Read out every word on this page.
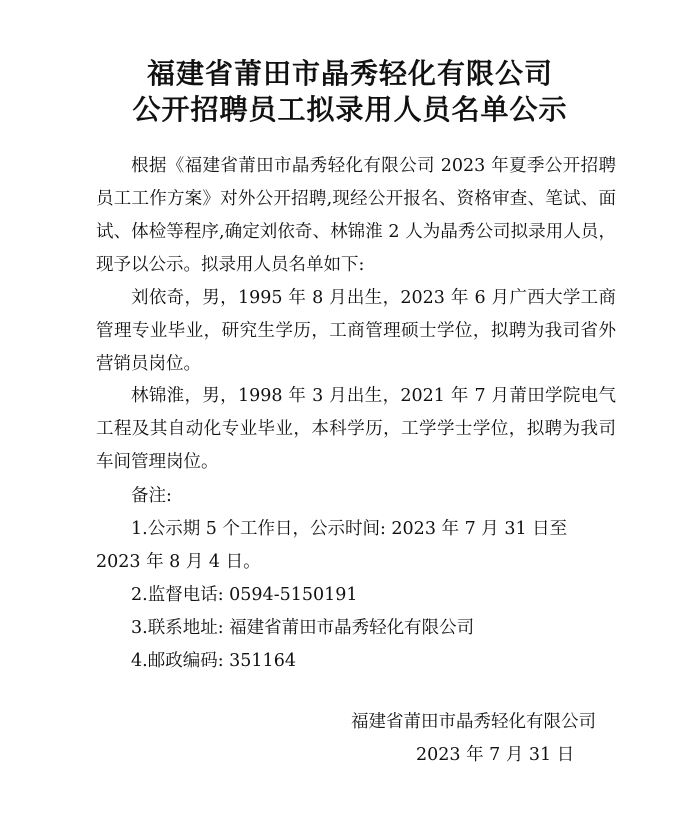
福建省莆田市晶秀轻化有限公司
公开招聘员工拟录用人员名单公示

根据《福建省莆田市晶秀轻化有限公司 2023 年夏季公开招聘员工工作方案》对外公开招聘,现经公开报名、资格审查、笔试、面试、体检等程序,确定刘依奇、林锦淮 2 人为晶秀公司拟录用人员，现予以公示。拟录用人员名单如下:

刘依奇，男，1995 年 8 月出生，2023 年 6 月广西大学工商管理专业毕业，研究生学历，工商管理硕士学位，拟聘为我司省外营销员岗位。

林锦淮，男，1998 年 3 月出生，2021 年 7 月莆田学院电气工程及其自动化专业毕业，本科学历，工学学士学位，拟聘为我司车间管理岗位。

备注:

1.公示期 5 个工作日，公示时间: 2023 年 7 月 31 日至 2023 年 8 月 4 日。

2.监督电话: 0594-5150191

3.联系地址: 福建省莆田市晶秀轻化有限公司

4.邮政编码: 351164

福建省莆田市晶秀轻化有限公司

2023 年 7 月 31 日
